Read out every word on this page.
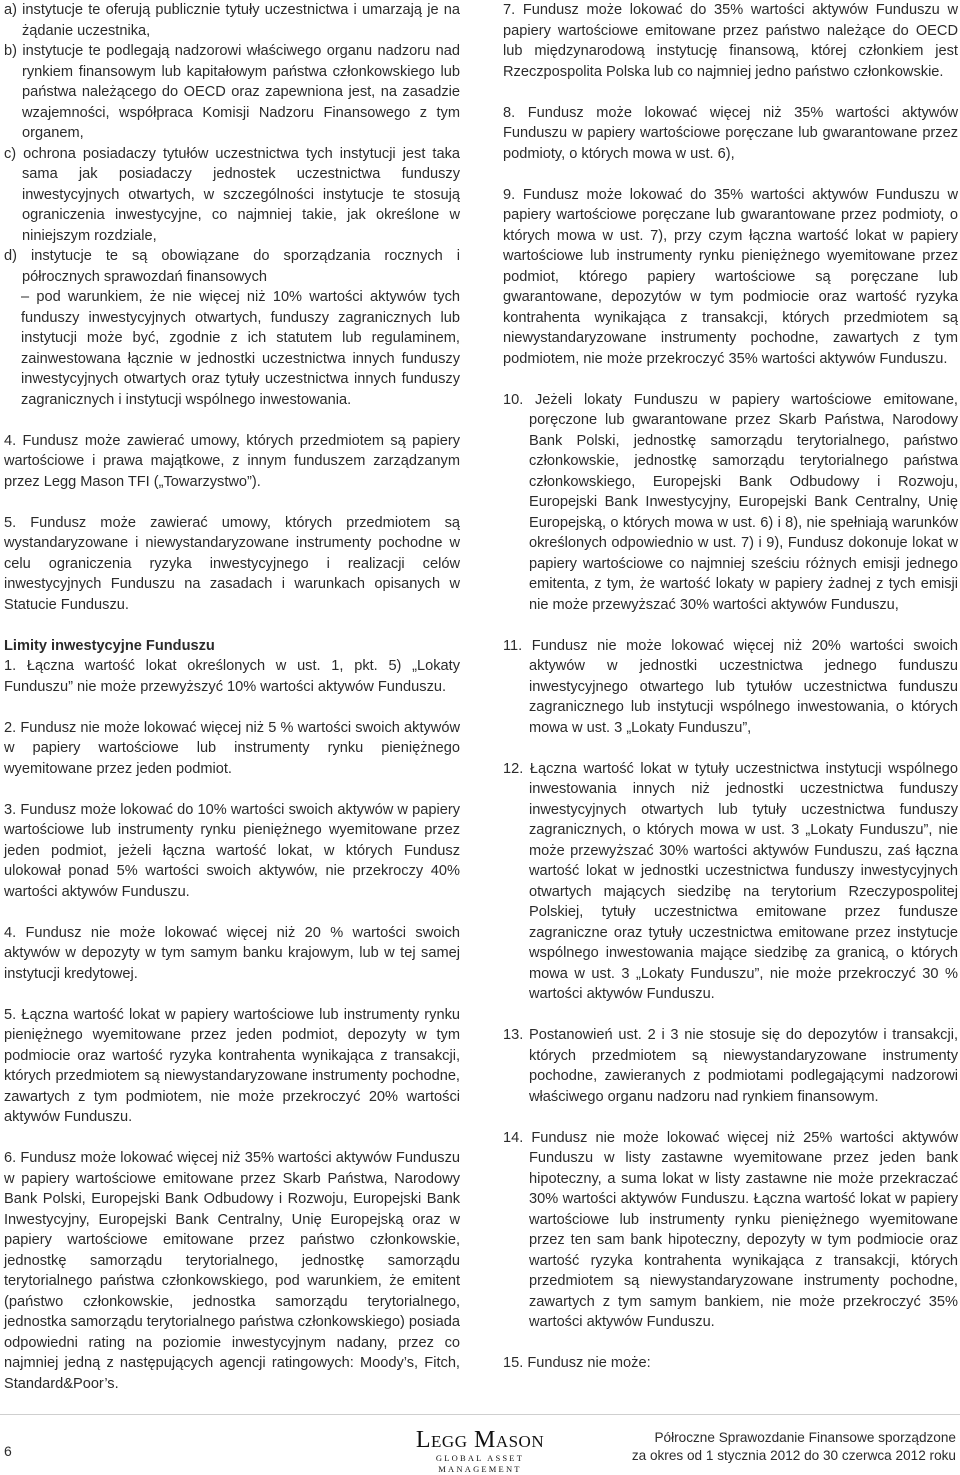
a) instytucje te oferują publicznie tytuły uczestnictwa i umarzają je na żądanie uczestnika,

b) instytucje te podlegają nadzorowi właściwego organu nadzoru nad rynkiem finansowym lub kapitałowym państwa członkowskiego lub państwa należącego do OECD oraz zapewniona jest, na zasadzie wzajemności, współpraca Komisji Nadzoru Finansowego z tym organem,

c) ochrona posiadaczy tytułów uczestnictwa tych instytucji jest taka sama jak posiadaczy jednostek uczestnictwa funduszy inwestycyjnych otwartych, w szczególności instytucje te stosują ograniczenia inwestycyjne, co najmniej takie, jak określone w niniejszym rozdziale,

d) instytucje te są obowiązane do sporządzania rocznych i półrocznych sprawozdań finansowych

– pod warunkiem, że nie więcej niż 10% wartości aktywów tych funduszy inwestycyjnych otwartych, funduszy zagranicznych lub instytucji może być, zgodnie z ich statutem lub regulaminem, zainwestowana łącznie w jednostki uczestnictwa innych funduszy inwestycyjnych otwartych oraz tytuły uczestnictwa innych funduszy zagranicznych i instytucji wspólnego inwestowania.

4. Fundusz może zawierać umowy, których przedmiotem są papiery wartościowe i prawa majątkowe, z innym funduszem zarządzanym przez Legg Mason TFI („Towarzystwo”).

5. Fundusz może zawierać umowy, których przedmiotem są wystandaryzowane i niewystandaryzowane instrumenty pochodne w celu ograniczenia ryzyka inwestycyjnego i realizacji celów inwestycyjnych Funduszu na zasadach i warunkach opisanych w Statucie Funduszu.

Limity inwestycyjne Funduszu

1. Łączna wartość lokat określonych w ust. 1, pkt. 5) „Lokaty Funduszu” nie może przewyższyć 10% wartości aktywów Funduszu.

2. Fundusz nie może lokować więcej niż 5 % wartości swoich aktywów w papiery wartościowe lub instrumenty rynku pieniężnego wyemitowane przez jeden podmiot.

3. Fundusz może lokować do 10% wartości swoich aktywów w papiery wartościowe lub instrumenty rynku pieniężnego wyemitowane przez jeden podmiot, jeżeli łączna wartość lokat, w których Fundusz ulokował ponad 5% wartości swoich aktywów, nie przekroczy 40% wartości aktywów Funduszu.

4. Fundusz nie może lokować więcej niż 20 % wartości swoich aktywów w depozyty w tym samym banku krajowym, lub w tej samej instytucji kredytowej.

5. Łączna wartość lokat w papiery wartościowe lub instrumenty rynku pieniężnego wyemitowane przez jeden podmiot, depozyty w tym podmiocie oraz wartość ryzyka kontrahenta wynikająca z transakcji, których przedmiotem są niewystandaryzowane instrumenty pochodne, zawartych z tym podmiotem, nie może przekroczyć 20% wartości aktywów Funduszu.

6. Fundusz może lokować więcej niż 35% wartości aktywów Funduszu w papiery wartościowe emitowane przez Skarb Państwa, Narodowy Bank Polski, Europejski Bank Odbudowy i Rozwoju, Europejski Bank Inwestycyjny, Europejski Bank Centralny, Unię Europejską oraz w papiery wartościowe emitowane przez państwo członkowskie, jednostkę samorządu terytorialnego, jednostkę samorządu terytorialnego państwa członkowskiego, pod warunkiem, że emitent (państwo członkowskie, jednostka samorządu terytorialnego, jednostka samorządu terytorialnego państwa członkowskiego) posiada odpowiedni rating na poziomie inwestycyjnym nadany, przez co najmniej jedną z następujących agencji ratingowych: Moody’s, Fitch, Standard&Poor’s.

7. Fundusz może lokować do 35% wartości aktywów Funduszu w papiery wartościowe emitowane przez państwo należące do OECD lub międzynarodową instytucję finansową, której członkiem jest Rzeczpospolita Polska lub co najmniej jedno państwo członkowskie.

8. Fundusz może lokować więcej niż 35% wartości aktywów Funduszu w papiery wartościowe poręczane lub gwarantowane przez podmioty, o których mowa w ust. 6),

9. Fundusz może lokować do 35% wartości aktywów Funduszu w papiery wartościowe poręczane lub gwarantowane przez podmioty, o których mowa w ust. 7), przy czym łączna wartość lokat w papiery wartościowe lub instrumenty rynku pieniężnego wyemitowane przez podmiot, którego papiery wartościowe są poręczane lub gwarantowane, depozytów w tym podmiocie oraz wartość ryzyka kontrahenta wynikająca z transakcji, których przedmiotem są niewystandaryzowane instrumenty pochodne, zawartych z tym podmiotem, nie może przekroczyć 35% wartości aktywów Funduszu.

10. Jeżeli lokaty Funduszu w papiery wartościowe emitowane, poręczone lub gwarantowane przez Skarb Państwa, Narodowy Bank Polski, jednostkę samorządu terytorialnego, państwo członkowskie, jednostkę samorządu terytorialnego państwa członkowskiego, Europejski Bank Odbudowy i Rozwoju, Europejski Bank Inwestycyjny, Europejski Bank Centralny, Unię Europejską, o których mowa w ust. 6) i 8), nie spełniają warunków określonych odpowiednio w ust. 7) i 9), Fundusz dokonuje lokat w papiery wartościowe co najmniej sześciu różnych emisji jednego emitenta, z tym, że wartość lokaty w papiery żadnej z tych emisji nie może przewyższać 30% wartości aktywów Funduszu,

11. Fundusz nie może lokować więcej niż 20% wartości swoich aktywów w jednostki uczestnictwa jednego funduszu inwestycyjnego otwartego lub tytułów uczestnictwa funduszu zagranicznego lub instytucji wspólnego inwestowania, o których mowa w ust. 3 „Lokaty Funduszu”,

12. Łączna wartość lokat w tytuły uczestnictwa instytucji wspólnego inwestowania innych niż jednostki uczestnictwa funduszy inwestycyjnych otwartych lub tytuły uczestnictwa funduszy zagranicznych, o których mowa w ust. 3 „Lokaty Funduszu”, nie może przewyższać 30% wartości aktywów Funduszu, zaś łączna wartość lokat w jednostki uczestnictwa funduszy inwestycyjnych otwartych mających siedzibę na terytorium Rzeczypospolitej Polskiej, tytuły uczestnictwa emitowane przez fundusze zagraniczne oraz tytuły uczestnictwa emitowane przez instytucje wspólnego inwestowania mające siedzibę za granicą, o których mowa w ust. 3 „Lokaty Funduszu”, nie może przekroczyć 30 % wartości aktywów Funduszu.

13. Postanowień ust. 2 i 3 nie stosuje się do depozytów i transakcji, których przedmiotem są niewystandaryzowane instrumenty pochodne, zawieranych z podmiotami podlegającymi nadzorowi właściwego organu nadzoru nad rynkiem finansowym.

14. Fundusz nie może lokować więcej niż 25% wartości aktywów Funduszu w listy zastawne wyemitowane przez jeden bank hipoteczny, a suma lokat w listy zastawne nie może przekraczać 30% wartości aktywów Funduszu. Łączna wartość lokat w papiery wartościowe lub instrumenty rynku pieniężnego wyemitowane przez ten sam bank hipoteczny, depozyty w tym podmiocie oraz wartość ryzyka kontrahenta wynikająca z transakcji, których przedmiotem są niewystandaryzowane instrumenty pochodne, zawartych z tym samym bankiem, nie może przekroczyć 35% wartości aktywów Funduszu.

15. Fundusz nie może:

6	Legg Mason
GLOBAL ASSET MANAGEMENT
Półroczne Sprawozdanie Finansowe sporządzone
za okres od 1 stycznia 2012 do 30 czerwca 2012 roku
